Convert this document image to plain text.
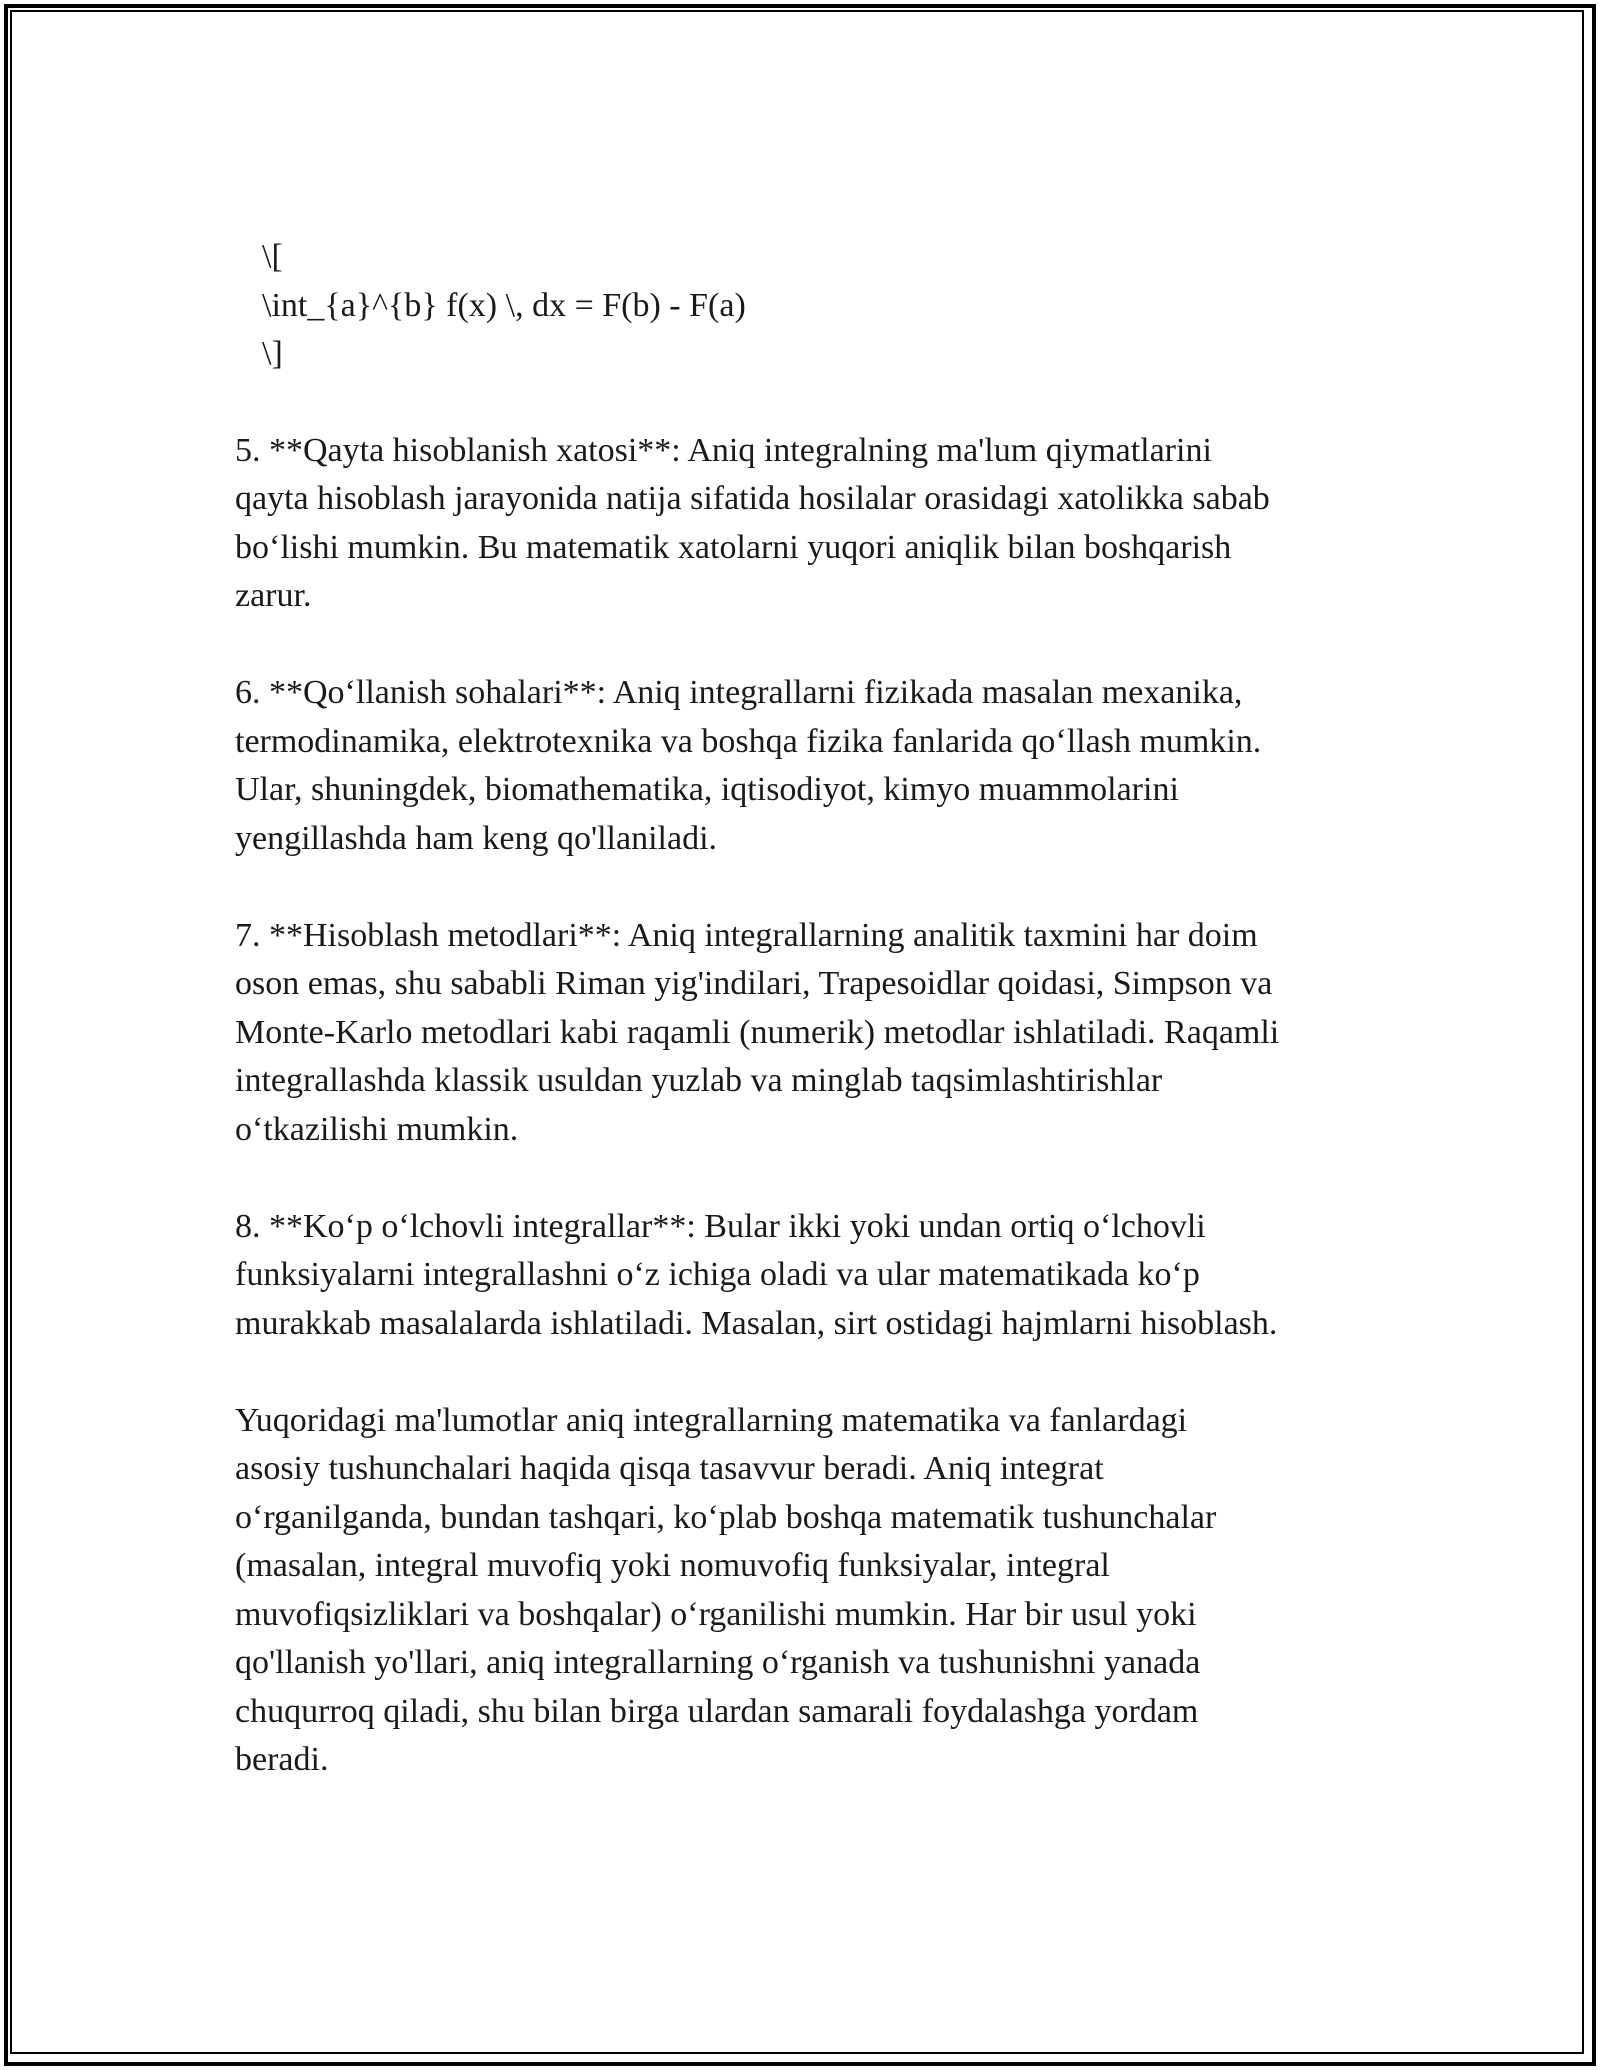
\[
\int_{a}^{b} f(x) \, dx = F(b) - F(a)
\]
5. **Qayta hisoblanish xatosi**: Aniq integralning ma'lum qiymatlarini
qayta hisoblash jarayonida natija sifatida hosilalar orasidagi xatolikka sabab
bo‘lishi mumkin. Bu matematik xatolarni yuqori aniqlik bilan boshqarish
zarur.
6. **Qo‘llanish sohalari**: Aniq integrallarni fizikada masalan mexanika,
termodinamika, elektrotexnika va boshqa fizika fanlarida qo‘llash mumkin.
Ular, shuningdek, biomathematika, iqtisodiyot, kimyo muammolarini
yengillashda ham keng qo'llaniladi.
7. **Hisoblash metodlari**: Aniq integrallarning analitik taxmini har doim
oson emas, shu sababli Riman yig'indilari, Trapesoidlar qoidasi, Simpson va
Monte-Karlo metodlari kabi raqamli (numerik) metodlar ishlatiladi. Raqamli
integrallashda klassik usuldan yuzlab va minglab taqsimlashtirishlar
o‘tkazilishi mumkin.
8. **Ko‘p o‘lchovli integrallar**: Bular ikki yoki undan ortiq o‘lchovli
funksiyalarni integrallashni o‘z ichiga oladi va ular matematikada ko‘p
murakkab masalalarda ishlatiladi. Masalan, sirt ostidagi hajmlarni hisoblash.
Yuqoridagi ma'lumotlar aniq integrallarning matematika va fanlardagi
asosiy tushunchalari haqida qisqa tasavvur beradi. Aniq integrat
o‘rganilganda, bundan tashqari, ko‘plab boshqa matematik tushunchalar
(masalan, integral muvofiq yoki nomuvofiq funksiyalar, integral
muvofiqsizliklari va boshqalar) o‘rganilishi mumkin. Har bir usul yoki
qo'llanish yo'llari, aniq integrallarning o‘rganish va tushunishni yanada
chuqurroq qiladi, shu bilan birga ulardan samarali foydalashga yordam
beradi.
